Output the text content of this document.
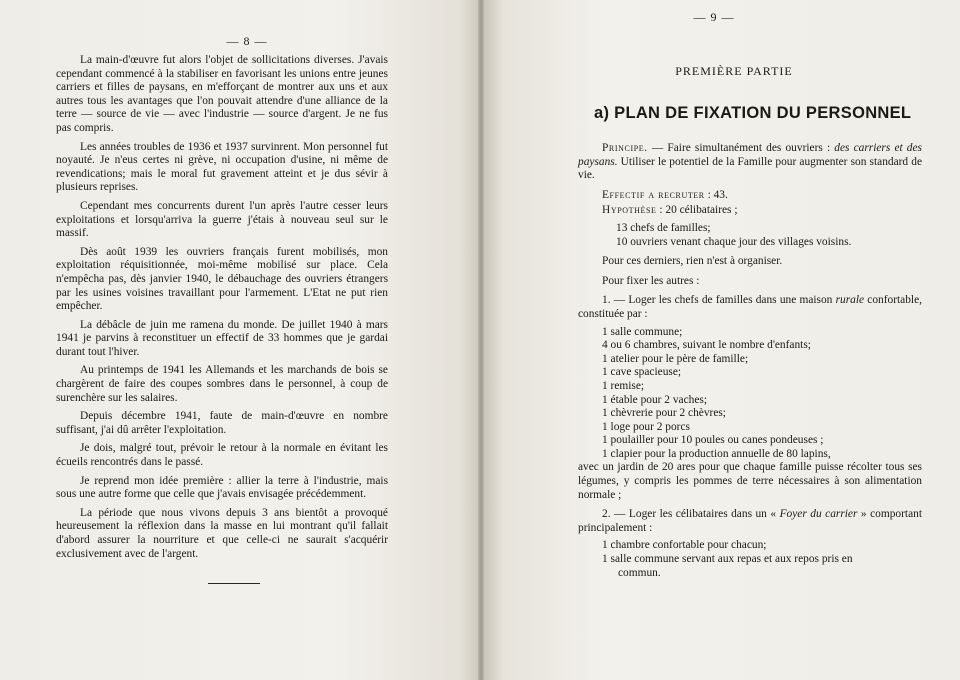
— 8 —

La main-d'œuvre fut alors l'objet de sollicitations diverses. J'avais cependant commencé à la stabiliser en favorisant les unions entre jeunes carriers et filles de paysans, en m'efforçant de montrer aux uns et aux autres tous les avantages que l'on pouvait attendre d'une alliance de la terre — source de vie — avec l'industrie — source d'argent. Je ne fus pas compris.

Les années troubles de 1936 et 1937 survinrent. Mon personnel fut noyauté. Je n'eus certes ni grève, ni occupation d'usine, ni même de revendications; mais le moral fut gravement atteint et je dus sévir à plusieurs reprises.

Cependant mes concurrents durent l'un après l'autre cesser leurs exploitations et lorsqu'arriva la guerre j'étais à nouveau seul sur le massif.

Dès août 1939 les ouvriers français furent mobilisés, mon exploitation réquisitionnée, moi-même mobilisé sur place. Cela n'empêcha pas, dès janvier 1940, le débauchage des ouvriers étrangers par les usines voisines travaillant pour l'armement. L'Etat ne put rien empêcher.

La débâcle de juin me ramena du monde. De juillet 1940 à mars 1941 je parvins à reconstituer un effectif de 33 hommes que je gardai durant tout l'hiver.

Au printemps de 1941 les Allemands et les marchands de bois se chargèrent de faire des coupes sombres dans le personnel, à coup de surenchère sur les salaires.

Depuis décembre 1941, faute de main-d'œuvre en nombre suffisant, j'ai dû arrêter l'exploitation.

Je dois, malgré tout, prévoir le retour à la normale en évitant les écueils rencontrés dans le passé.

Je reprend mon idée première : allier la terre à l'industrie, mais sous une autre forme que celle que j'avais envisagée précédemment.

La période que nous vivons depuis 3 ans bientôt a provoqué heureusement la réflexion dans la masse en lui montrant qu'il fallait d'abord assurer la nourriture et que celle-ci ne saurait s'acquérir exclusivement avec de l'argent.

— 9 —
PREMIÈRE PARTIE
a) PLAN DE FIXATION DU PERSONNEL

Principe. — Faire simultanément des ouvriers : des carriers et des paysans. Utiliser le potentiel de la Famille pour augmenter son standard de vie.

Effectif a recruter : 43.

Hypothèse : 20 célibataires ;

13 chefs de familles;

10 ouvriers venant chaque jour des villages voisins.

Pour ces derniers, rien n'est à organiser.

Pour fixer les autres :

1. — Loger les chefs de familles dans une maison rurale confortable, constituée par :

1 salle commune;
4 ou 6 chambres, suivant le nombre d'enfants;
1 atelier pour le père de famille;
1 cave spacieuse;
1 remise;
1 étable pour 2 vaches;
1 chèvrerie pour 2 chèvres;
1 loge pour 2 porcs
1 poulailler pour 10 poules ou canes pondeuses ;
1 clapier pour la production annuelle de 80 lapins,

avec un jardin de 20 ares pour que chaque famille puisse récolter tous ses légumes, y compris les pommes de terre nécessaires à son alimentation normale ;

2. — Loger les célibataires dans un « Foyer du carrier » comportant principalement :

1 chambre confortable pour chacun;
1 salle commune servant aux repas et aux repos pris en
commun.
